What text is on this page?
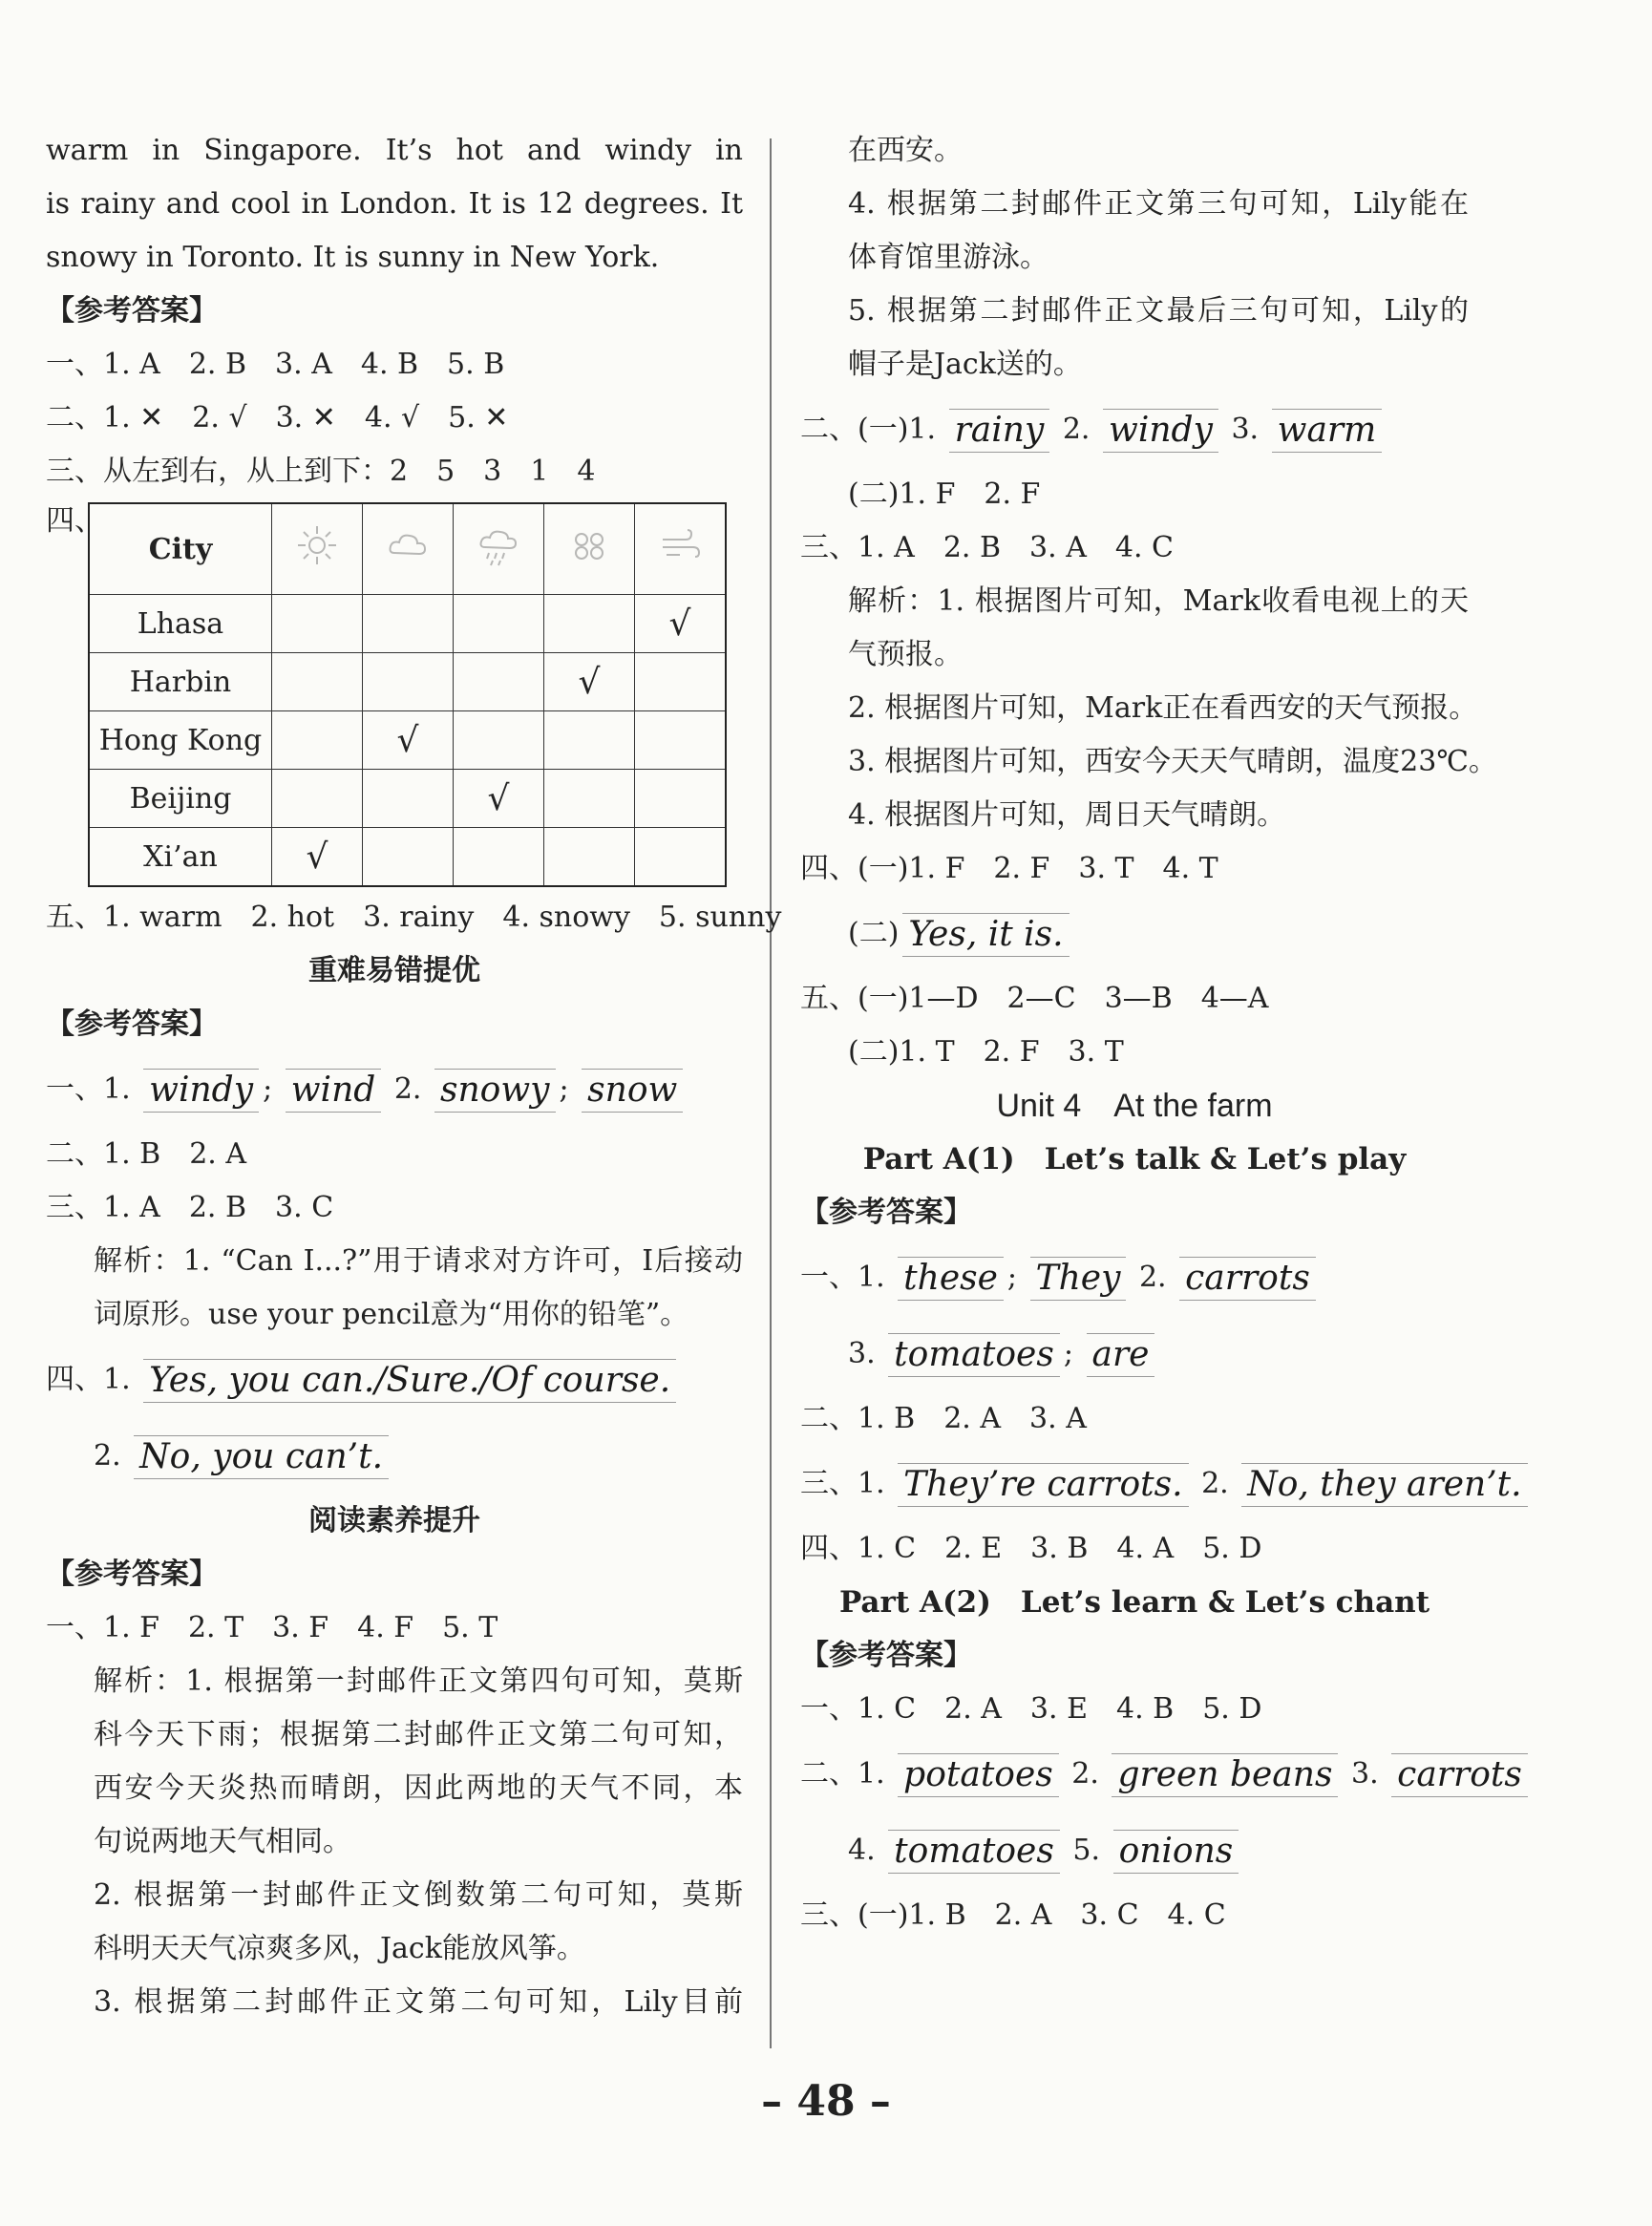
warm in Singapore. It’s hot and windy in
is rainy and cool in London. It is 12 degrees. It
snowy in Toronto. It is sunny in New York.
【参考答案】
一、1. A　2. B　3. A　4. B　5. B
二、1. ✕　2. √　3. ✕　4. √　5. ✕
三、从左到右，从上到下：2　5　3　1　4
四、
City					
Lhasa					√
Harbin				√	
Hong Kong		√			
Beijing			√		
Xi’an	√				
五、1. warm　2. hot　3. rainy　4. snowy　5. sunny
重难易错提优
【参考答案】
一、1. windy ; wind 2. snowy ; snow
二、1. B　2. A
三、1. A　2. B　3. C
解析：1. “Can I...?”用于请求对方许可，I后接动
词原形。use your pencil意为“用你的铅笔”。
四、1. Yes, you can./Sure./Of course.
2. No, you can’t.
阅读素养提升
【参考答案】
一、1. F　2. T　3. F　4. F　5. T
解析：1. 根据第一封邮件正文第四句可知，莫斯
科今天下雨；根据第二封邮件正文第二句可知，
西安今天炎热而晴朗，因此两地的天气不同，本
句说两地天气相同。
2. 根据第一封邮件正文倒数第二句可知，莫斯
科明天天气凉爽多风，Jack能放风筝。
3. 根据第二封邮件正文第二句可知，Lily目前
在西安。
4. 根据第二封邮件正文第三句可知，Lily能在
体育馆里游泳。
5. 根据第二封邮件正文最后三句可知，Lily的
帽子是Jack送的。
二、(一)1. rainy 2. windy 3. warm
(二)1. F　2. F
三、1. A　2. B　3. A　4. C
解析：1. 根据图片可知，Mark收看电视上的天
气预报。
2. 根据图片可知，Mark正在看西安的天气预报。
3. 根据图片可知，西安今天天气晴朗，温度23℃。
4. 根据图片可知，周日天气晴朗。
四、(一)1. F　2. F　3. T　4. T
(二) Yes, it is.
五、(一)1—D　2—C　3—B　4—A
(二)1. T　2. F　3. T
Unit 4　At the farm
Part A(1)　Let’s talk & Let’s play
【参考答案】
一、1. these ; They 2. carrots
3. tomatoes ; are
二、1. B　2. A　3. A
三、1. They’re carrots. 2. No, they aren’t.
四、1. C　2. E　3. B　4. A　5. D
Part A(2)　Let’s learn & Let’s chant
【参考答案】
一、1. C　2. A　3. E　4. B　5. D
二、1. potatoes 2. green beans 3. carrots
4. tomatoes 5. onions
三、(一)1. B　2. A　3. C　4. C
– 48 –
